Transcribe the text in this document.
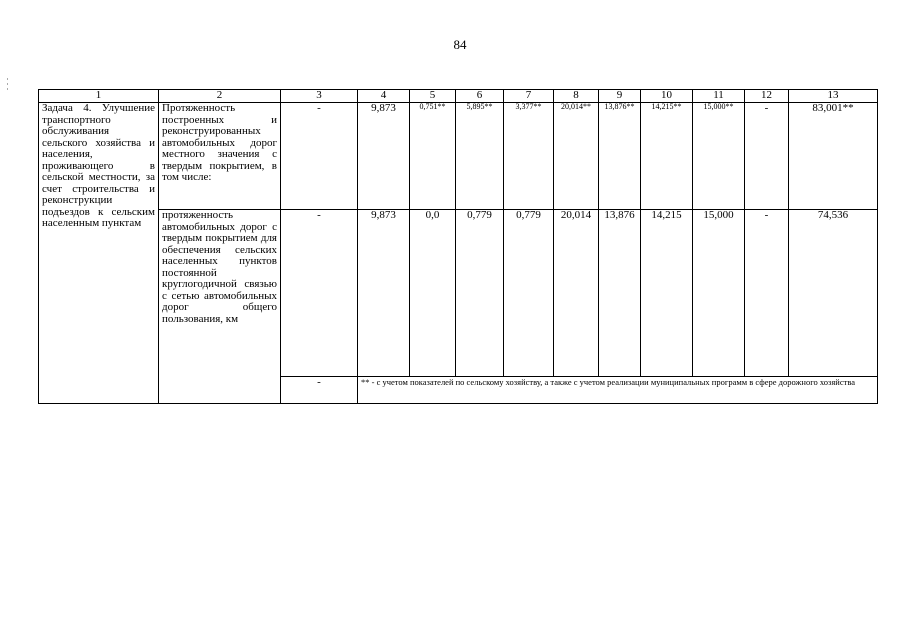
84
1	2	3	4	5	6	7	8	9	10	11	12	13
Задача 4. Улучшение транспортного обслуживания сельского хозяйства и населения, проживающего в сельской местности, за счет строительства и реконструкции подъездов к сельским населенным пунктам	Протяженность построенных и реконструированных автомобильных дорог местного значения с твердым покрытием, в том числе:	-	9,873	0,751**	5,895**	3,377**	20,014**	13,876**	14,215**	15,000**	-	83,001**
	протяженность автомобильных дорог с твердым покрытием для обеспечения сельских населенных пунктов постоянной круглогодичной связью с сетью автомобильных дорог общего пользования, км	-	9,873	0,0	0,779	0,779	20,014	13,876	14,215	15,000	-	74,536
		-	** - с учетом показателей по сельскому хозяйству, а также с учетом реализации муниципальных программ в сфере дорожного хозяйства									
